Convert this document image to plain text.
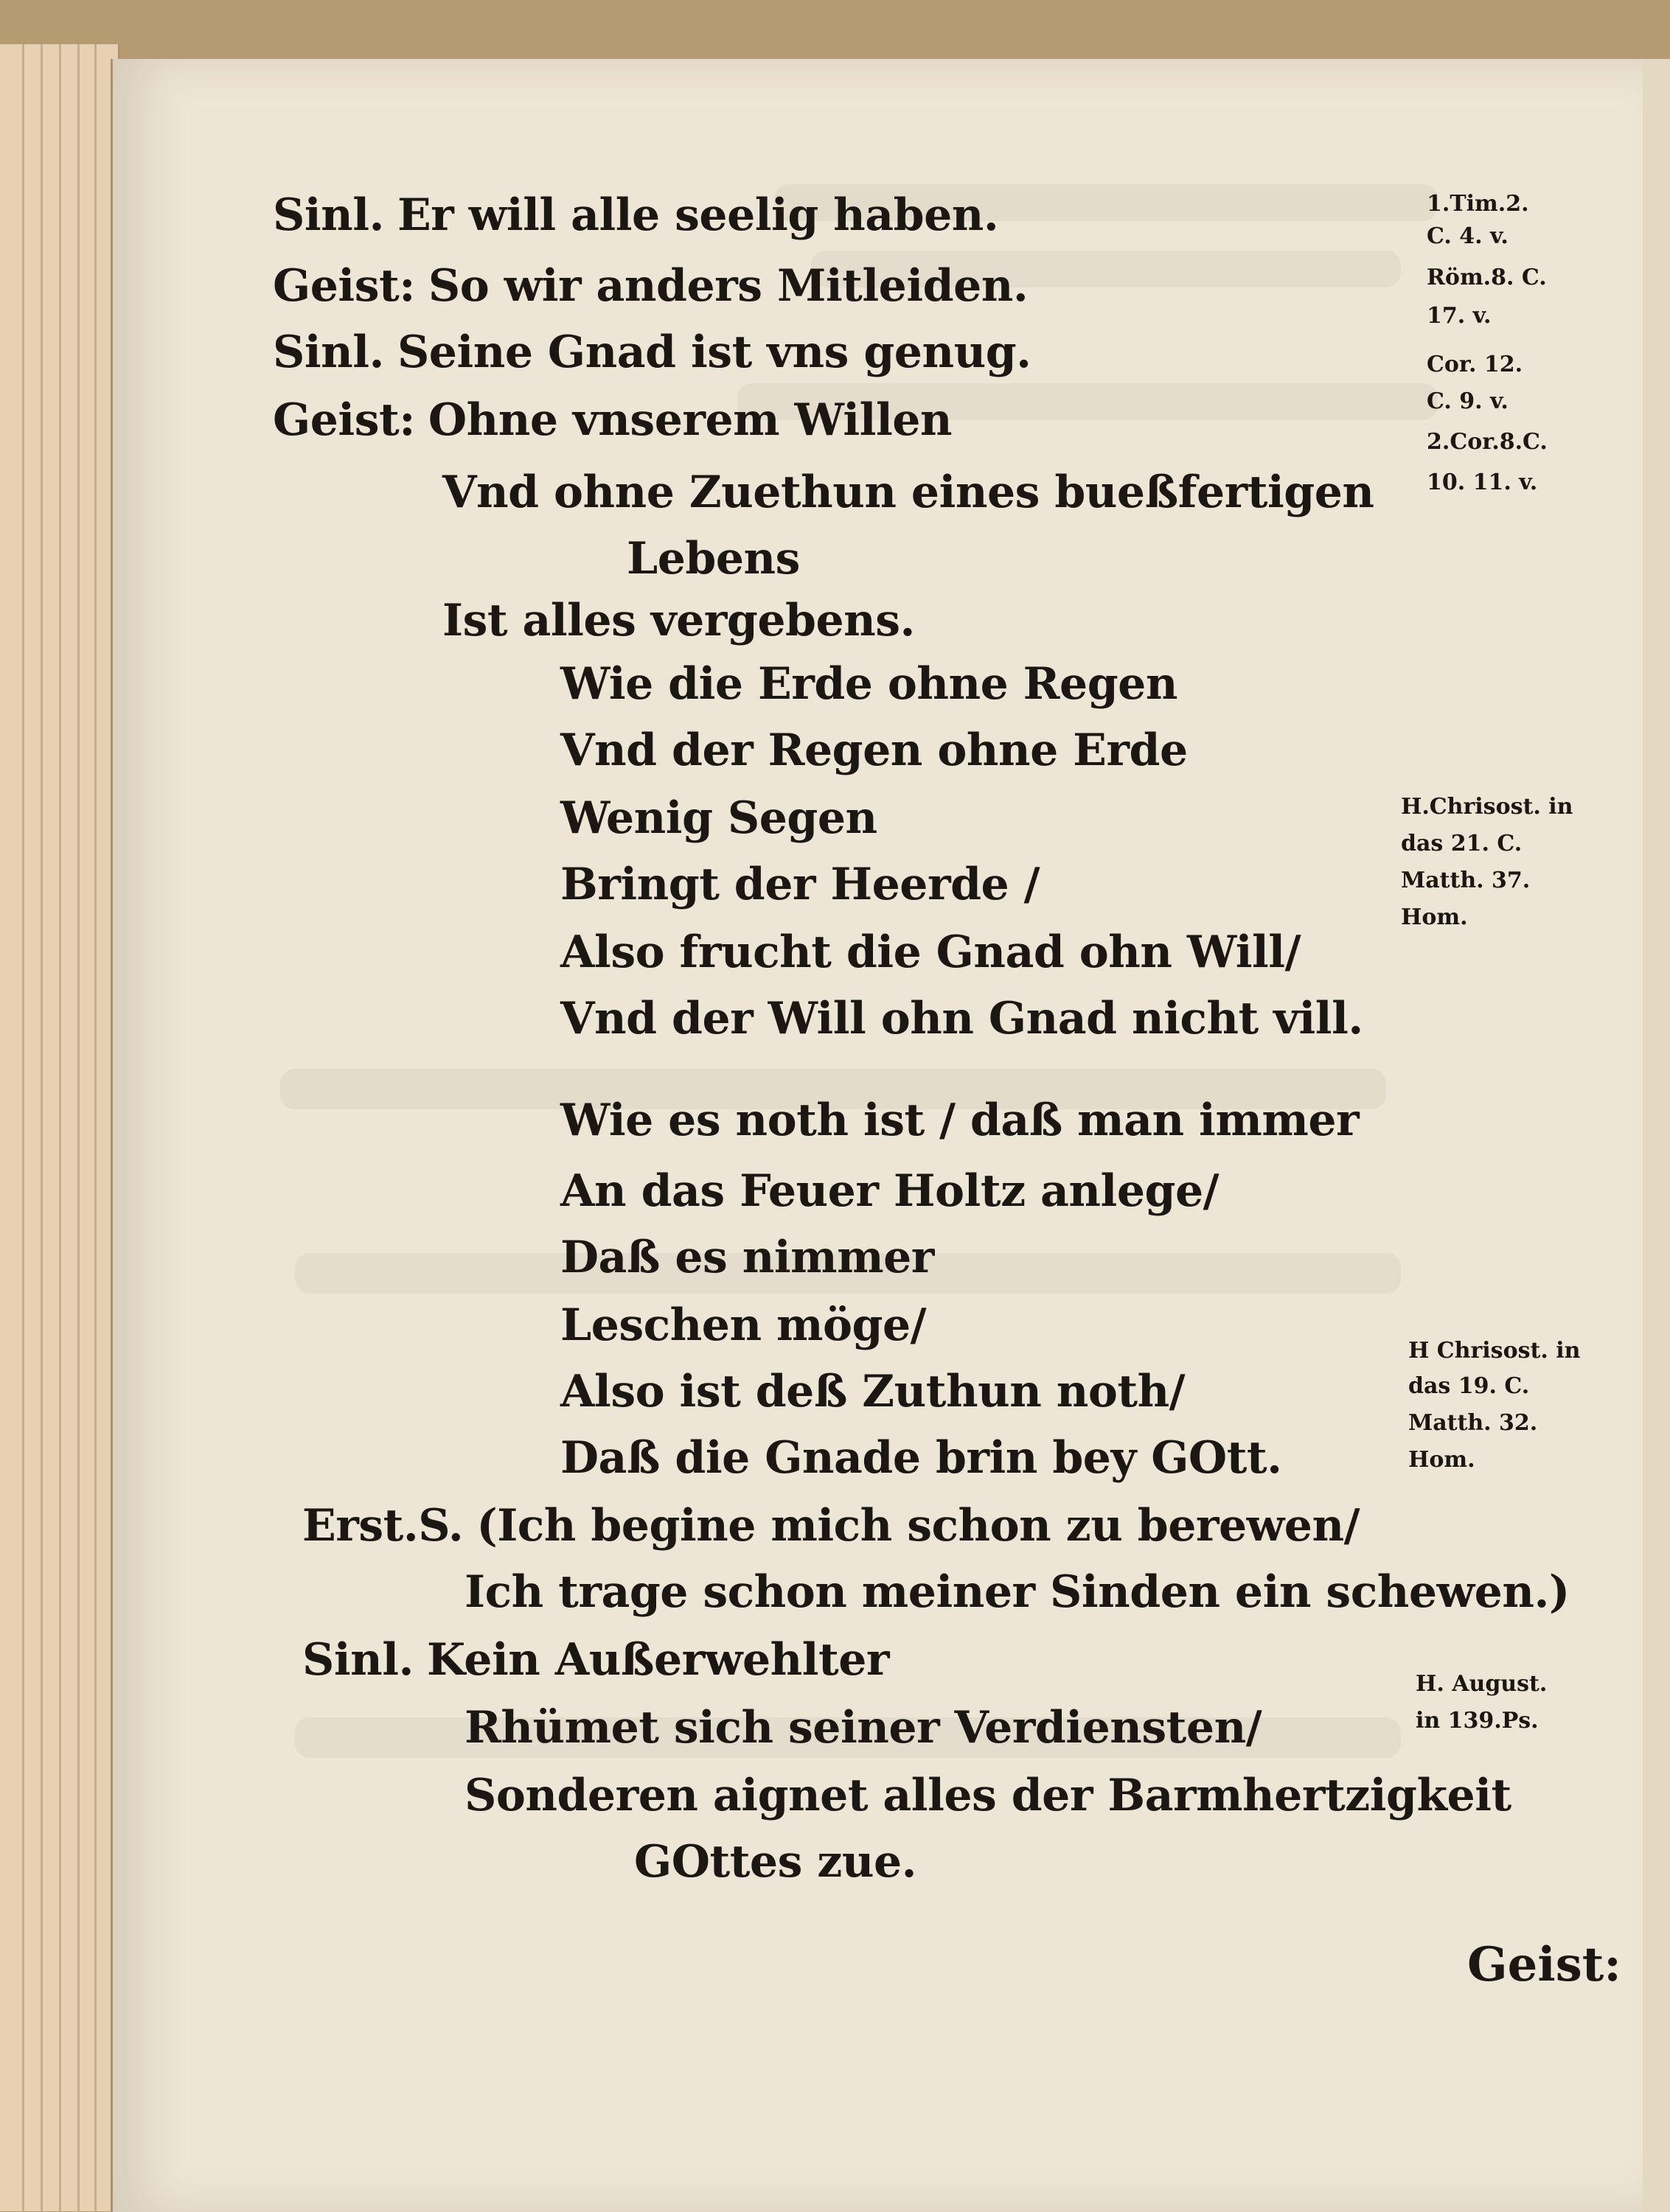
Sinl. Er will alle seelig haben.
Geist: So wir anders Mitleiden.
Sinl. Seine Gnad ist vns genug.
Geist: Ohne vnserem Willen
Vnd ohne Zuethun eines bueßfertigen
Lebens
Ist alles vergebens.
Wie die Erde ohne Regen
Vnd der Regen ohne Erde
Wenig Segen
Bringt der Heerde /
Also frucht die Gnad ohn Will/
Vnd der Will ohn Gnad nicht vill.
Wie es noth ist / daß man immer
An das Feuer Holtz anlege/
Daß es nimmer
Leschen möge/
Also ist deß Zuthun noth/
Daß die Gnade brin bey GOtt.
Erst.S. (Ich begine mich schon zu berewen/
Ich trage schon meiner Sinden ein schewen.)
Sinl. Kein Außerwehlter
Rhümet sich seiner Verdiensten/
Sonderen aignet alles der Barmhertzigkeit
GOttes zue.
1.Tim.2.
C. 4. v.
Röm.8. C.
17. v.
Cor. 12.
C. 9. v.
2.Cor.8.C.
10. 11. v.
H.Chrisost. in
das 21. C.
Matth. 37.
Hom.
H Chrisost. in
das 19. C.
Matth. 32.
Hom.
H. August.
in 139.Ps.
Geist:
